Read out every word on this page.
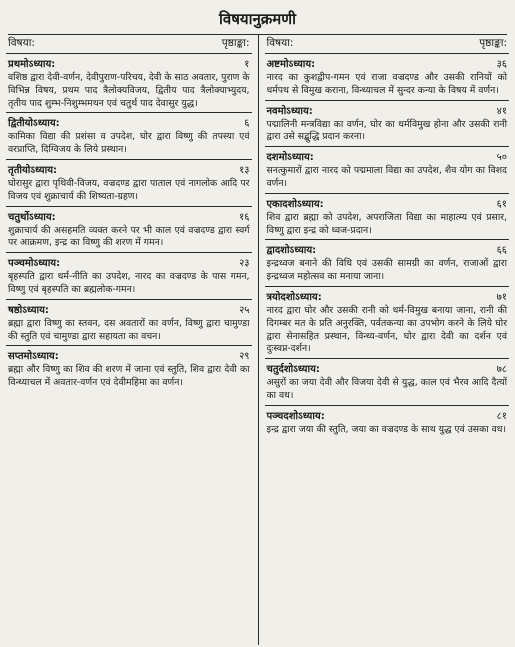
विषयानुक्रमणी
विषया:	पृष्ठाङ्का:
प्रथमोऽध्याय:	१
वशिष्ठ द्वारा देवी-वर्णन, देवीपुराण-परिचय, देवी के साठ अवतार, पुराण के विभिन्न विषय, प्रथम पाद त्रैलोक्यविजय, द्वितीय पाद त्रैलोक्याभ्युदय, तृतीय पाद शुम्भ-निशुम्भमथन एवं चतुर्थ पाद देवासुर युद्ध।
द्वितीयोऽध्याय:	६
कामिका विद्या की प्रशंसा व उपदेश, घोर द्वारा विष्णु की तपस्या एवं वरप्राप्ति, दिग्विजय के लिये प्रस्थान।
तृतीयोऽध्याय:	१३
घोरासुर द्वारा पृथिवी-विजय, वज्रदण्ड द्वारा पाताल एवं नागलोक आदि पर विजय एवं शुक्राचार्य की शिष्यता-ग्रहण।
चतुर्थोऽध्याय:	१६
शुक्राचार्य की असहमति व्यक्त करने पर भी काल एवं वज्रदण्ड द्वारा स्वर्ग पर आक्रमण, इन्द्र का विष्णु की शरण में गमन।
पञ्चमोऽध्याय:	२३
बृहस्पति द्वारा धर्म-नीति का उपदेश, नारद का वज्रदण्ड के पास गमन, विष्णु एवं बृहस्पति का ब्रह्मलोक-गमन।
षष्ठोऽध्याय:	२५
ब्रह्मा द्वारा विष्णु का स्तवन, दस अवतारों का वर्णन, विष्णु द्वारा चामुण्डा की स्तुति एवं चामुण्डा द्वारा सहायता का वचन।
सप्तमोऽध्याय:	२९
ब्रह्मा और विष्णु का शिव की शरण में जाना एवं स्तुति, शिव द्वारा देवी का विन्ध्याचल में अवतार-वर्णन एवं देवीमहिमा का वर्णन।
विषया:	पृष्ठाङ्का:
अष्टमोऽध्याय:	३६
नारद का कुशद्वीप-गमन एवं राजा वज्रदण्ड और उसकी रानियों को धर्मपथ से विमुख कराना, विन्ध्याचल में सुन्दर कन्या के विषय में वर्णन।
नवमोऽध्याय:	४१
पद्मालिनी मन्त्रविद्या का वर्णन, घोर का धर्मविमुख होना और उसकी रानी द्वारा उसे सद्बुद्धि प्रदान करना।
दशमोऽध्याय:	५०
सनत्कुमारों द्वारा नारद को पद्ममाला विद्या का उपदेश, शैव योग का विशद वर्णन।
एकादशोऽध्याय:	६१
शिव द्वारा ब्रह्मा को उपदेश, अपराजिता विद्या का माहात्म्य एवं प्रसार, विष्णु द्वारा इन्द्र को ध्वज-प्रदान।
द्वादशोऽध्याय:	६६
इन्द्रध्वज बनाने की विधि एवं उसकी सामग्री का वर्णन, राजाओं द्वारा इन्द्रध्वज महोत्सव का मनाया जाना।
त्रयोदशोऽध्याय:	७१
नारद द्वारा घोर और उसकी रानी को धर्म-विमुख बनाया जाना, रानी की दिगम्बर मत के प्रति अनुरक्ति, पर्वतकन्या का उपभोग करने के लिये घोर द्वारा सेनासहित प्रस्थान, विन्ध्य-वर्णन, घोर द्वारा देवी का दर्शन एवं दुःस्वप्न-दर्शन।
चतुर्दशोऽध्याय:	७८
असुरों का जया देवी और विजया देवी से युद्ध, काल एवं भैरव आदि दैत्यों का वध।
पञ्चदशोऽध्याय:	८१
इन्द्र द्वारा जया की स्तुति, जया का वज्रदण्ड के साथ युद्ध एवं उसका वध।
